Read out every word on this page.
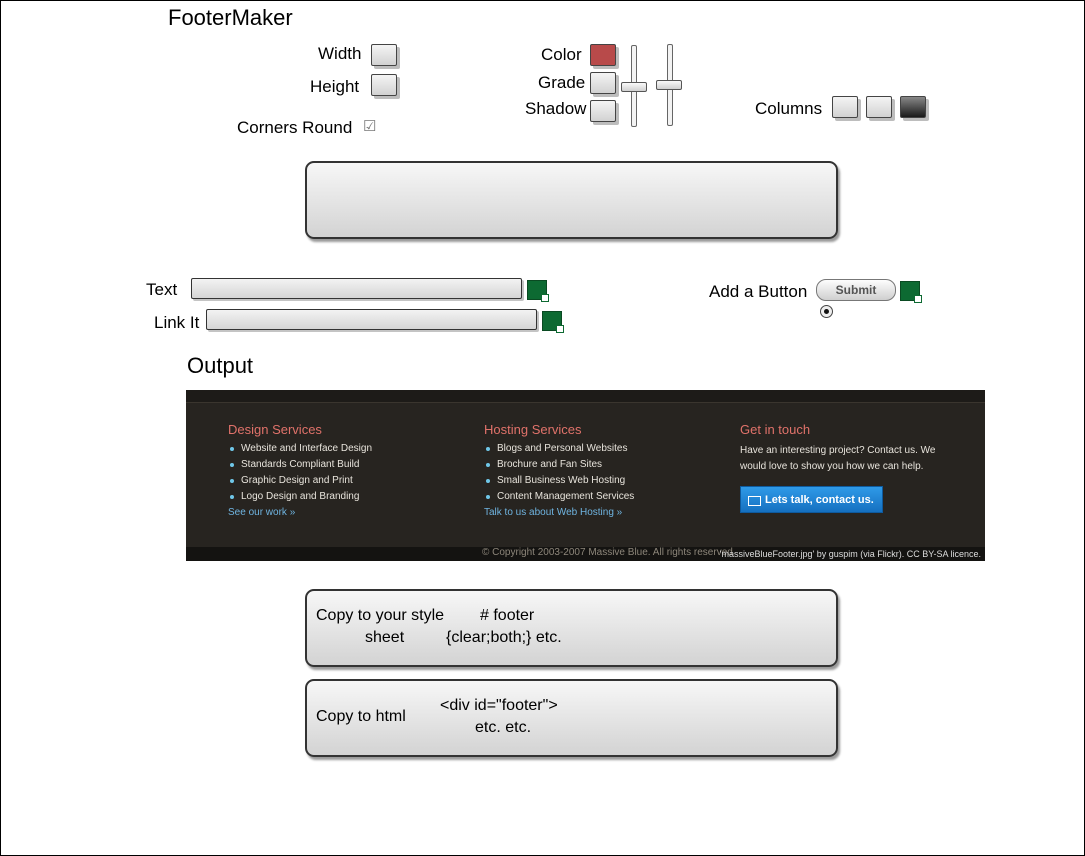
FooterMaker
Width
Height
Corners Round ☑
Color
Grade
Shadow	Columns
Text
Link It
Add a Button	Submit
Output
Design Services
Website and Interface Design
Standards Compliant Build
Graphic Design and Print
Logo Design and Branding
See our work »
Hosting Services
Blogs and Personal Websites
Brochure and Fan Sites
Small Business Web Hosting
Content Management Services
Talk to us about Web Hosting »
Get in touch

Have an interesting project? Contact us. We would love to show you how we can help.

Lets talk, contact us.
© Copyright 2003-2007 Massive Blue. All rights reserved
'massiveBlueFooter.jpg' by guspim (via Flickr). CC BY-SA licence.
Copy to your style
sheet
# footer
{clear;both;} etc.
Copy to html
<div id="footer">
etc. etc.
